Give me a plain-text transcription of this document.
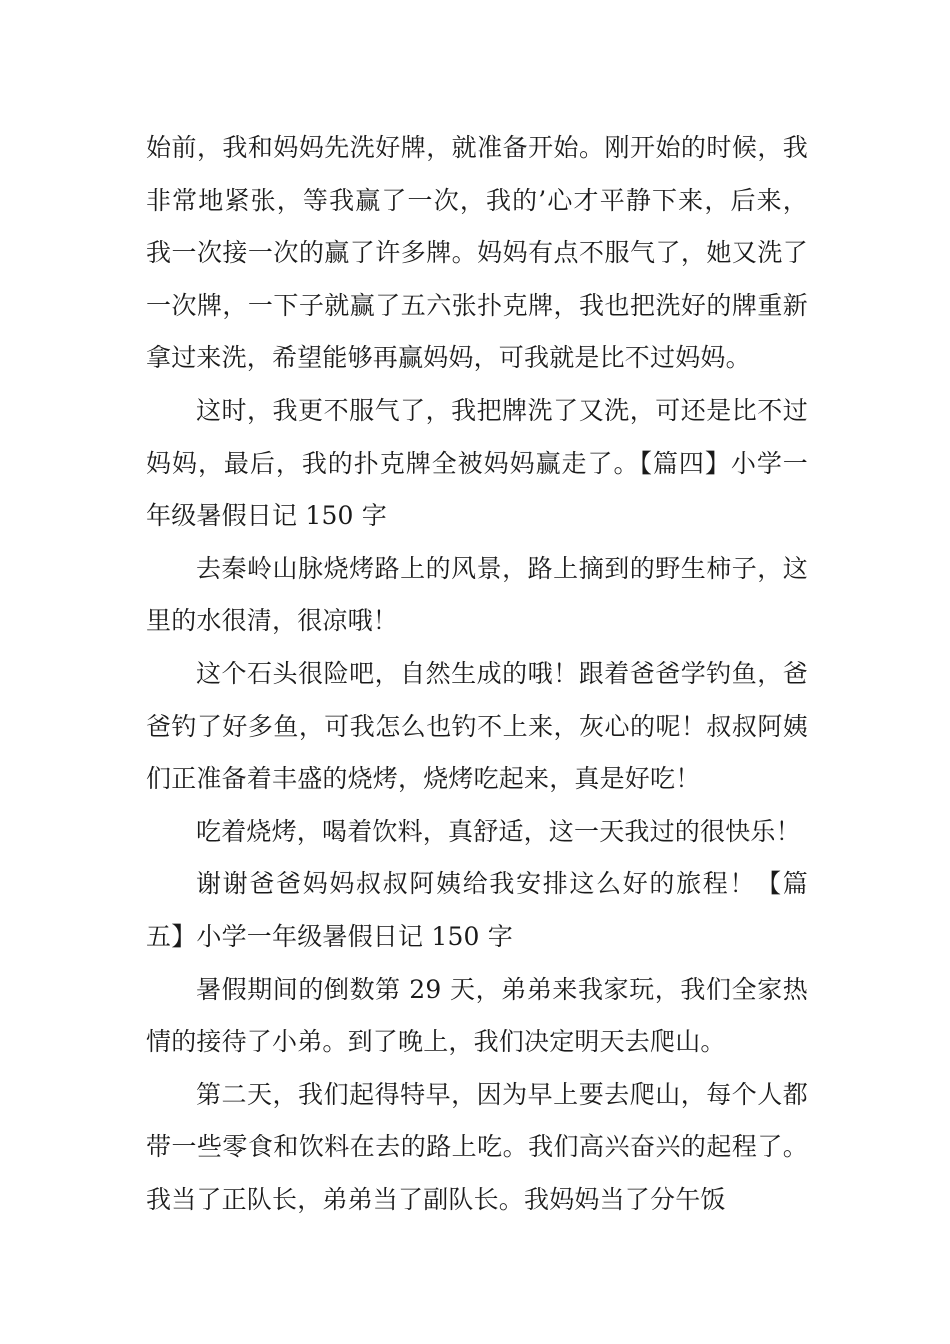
始前，我和妈妈先洗好牌，就准备开始。刚开始的时候，我非常地紧张，等我赢了一次，我的’心才平静下来，后来，我一次接一次的赢了许多牌。妈妈有点不服气了，她又洗了一次牌，一下子就赢了五六张扑克牌，我也把洗好的牌重新拿过来洗，希望能够再赢妈妈，可我就是比不过妈妈。

这时，我更不服气了，我把牌洗了又洗，可还是比不过妈妈，最后，我的扑克牌全被妈妈赢走了。【篇四】小学一年级暑假日记 150 字

去秦岭山脉烧烤路上的风景，路上摘到的野生柿子，这里的水很清，很凉哦！

这个石头很险吧，自然生成的哦！跟着爸爸学钓鱼，爸爸钓了好多鱼，可我怎么也钓不上来，灰心的呢！叔叔阿姨们正准备着丰盛的烧烤，烧烤吃起来，真是好吃！

吃着烧烤，喝着饮料，真舒适，这一天我过的很快乐！

谢谢爸爸妈妈叔叔阿姨给我安排这么好的旅程！【篇五】小学一年级暑假日记 150 字

暑假期间的倒数第 29 天，弟弟来我家玩，我们全家热情的接待了小弟。到了晚上，我们决定明天去爬山。

第二天，我们起得特早，因为早上要去爬山，每个人都带一些零食和饮料在去的路上吃。我们高兴奋兴的起程了。我当了正队长，弟弟当了副队长。我妈妈当了分午饭
